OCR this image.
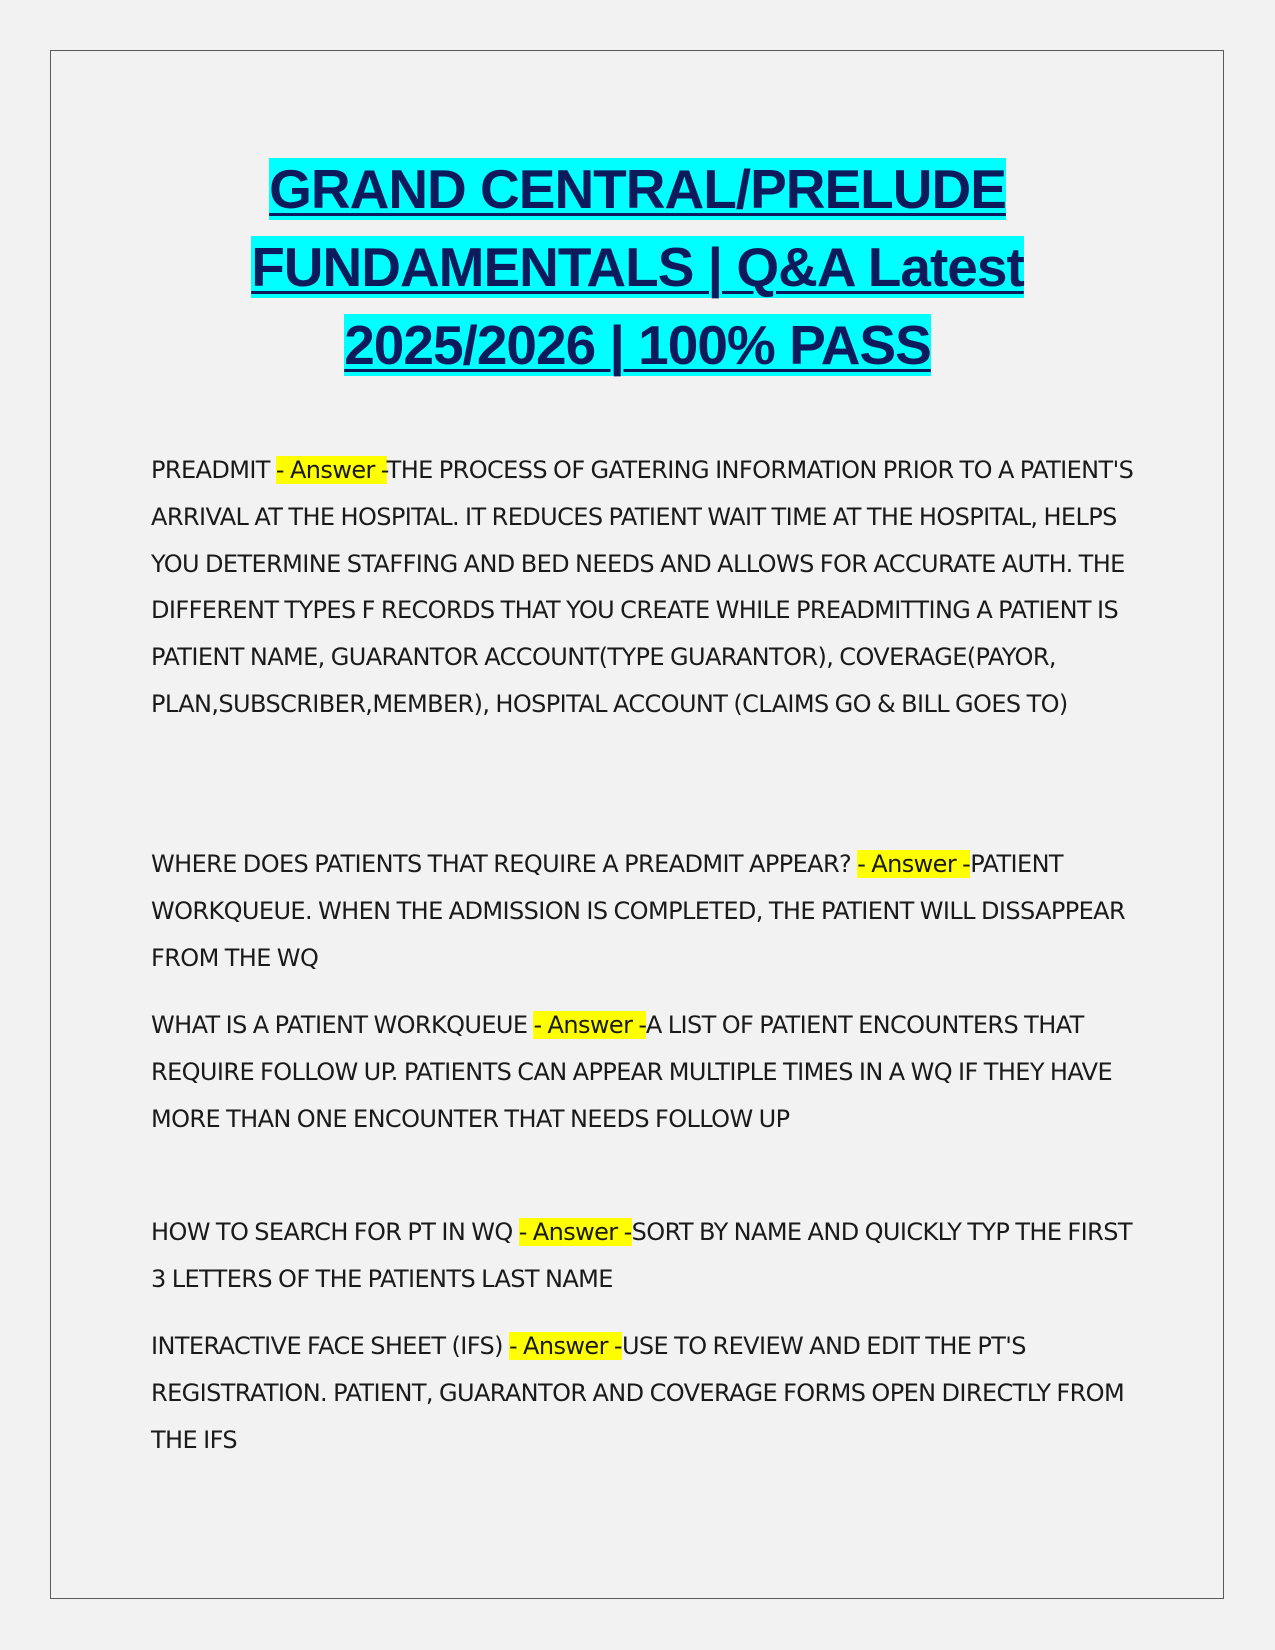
GRAND CENTRAL/PRELUDE
FUNDAMENTALS | Q&A Latest
2025/2026 | 100% PASS
PREADMIT - Answer -THE PROCESS OF GATERING INFORMATION PRIOR TO A PATIENT'S ARRIVAL AT THE HOSPITAL. IT REDUCES PATIENT WAIT TIME AT THE HOSPITAL, HELPS YOU DETERMINE STAFFING AND BED NEEDS AND ALLOWS FOR ACCURATE AUTH. THE DIFFERENT TYPES F RECORDS THAT YOU CREATE WHILE PREADMITTING A PATIENT IS PATIENT NAME, GUARANTOR ACCOUNT(TYPE GUARANTOR), COVERAGE(PAYOR, PLAN,SUBSCRIBER,MEMBER), HOSPITAL ACCOUNT (CLAIMS GO & BILL GOES TO)
WHERE DOES PATIENTS THAT REQUIRE A PREADMIT APPEAR? - Answer -PATIENT WORKQUEUE. WHEN THE ADMISSION IS COMPLETED, THE PATIENT WILL DISSAPPEAR FROM THE WQ
WHAT IS A PATIENT WORKQUEUE - Answer -A LIST OF PATIENT ENCOUNTERS THAT REQUIRE FOLLOW UP. PATIENTS CAN APPEAR MULTIPLE TIMES IN A WQ IF THEY HAVE MORE THAN ONE ENCOUNTER THAT NEEDS FOLLOW UP
HOW TO SEARCH FOR PT IN WQ - Answer -SORT BY NAME AND QUICKLY TYP THE FIRST 3 LETTERS OF THE PATIENTS LAST NAME
INTERACTIVE FACE SHEET (IFS) - Answer -USE TO REVIEW AND EDIT THE PT'S REGISTRATION. PATIENT, GUARANTOR AND COVERAGE FORMS OPEN DIRECTLY FROM THE IFS
